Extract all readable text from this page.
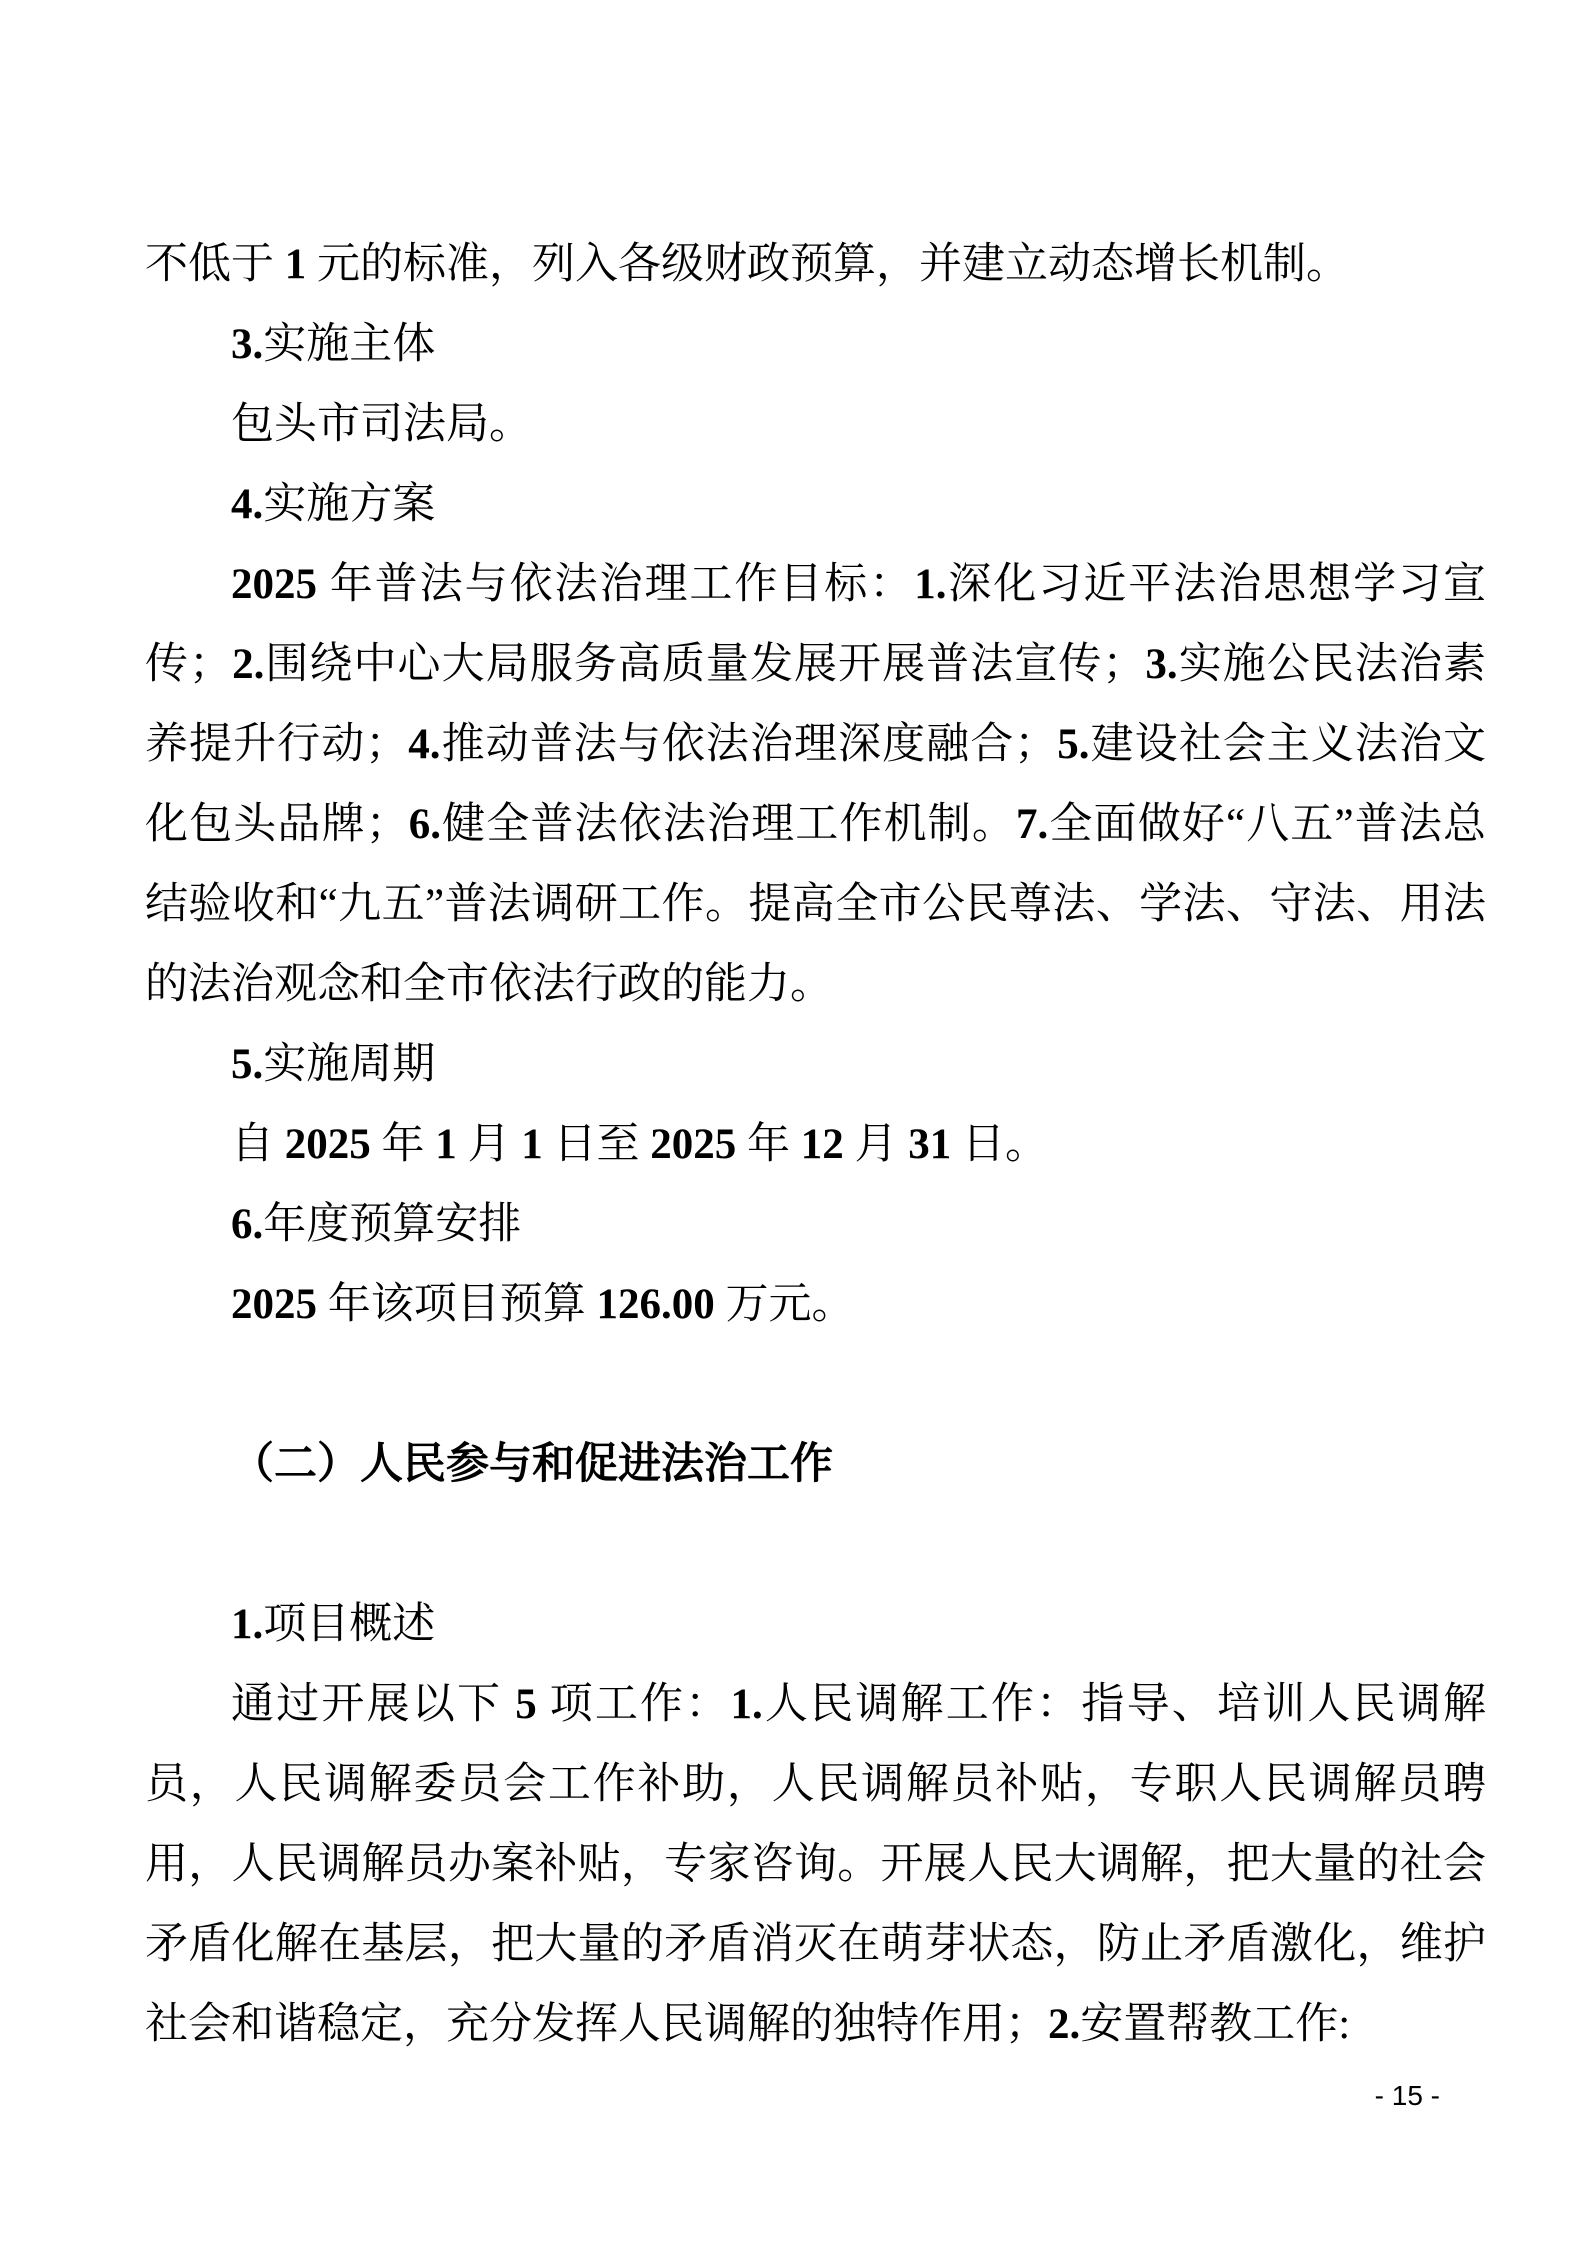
不低于 1 元的标准，列入各级财政预算，并建立动态增长机制。

3.实施主体

包头市司法局。

4.实施方案

2025 年普法与依法治理工作目标：1.深化习近平法治思想学习宣传；2.围绕中心大局服务高质量发展开展普法宣传；3.实施公民法治素养提升行动；4.推动普法与依法治理深度融合；5.建设社会主义法治文化包头品牌；6.健全普法依法治理工作机制。7.全面做好“八五”普法总结验收和“九五”普法调研工作。提高全市公民尊法、学法、守法、用法的法治观念和全市依法行政的能力。

5.实施周期

自 2025 年 1 月 1 日至 2025 年 12 月 31 日。

6.年度预算安排

2025 年该项目预算 126.00 万元。

（二）人民参与和促进法治工作

1.项目概述

通过开展以下 5 项工作：1.人民调解工作：指导、培训人民调解员，人民调解委员会工作补助，人民调解员补贴，专职人民调解员聘用，人民调解员办案补贴，专家咨询。开展人民大调解，把大量的社会矛盾化解在基层，把大量的矛盾消灭在萌芽状态，防止矛盾激化，维护社会和谐稳定，充分发挥人民调解的独特作用；2.安置帮教工作:

- 15 -
